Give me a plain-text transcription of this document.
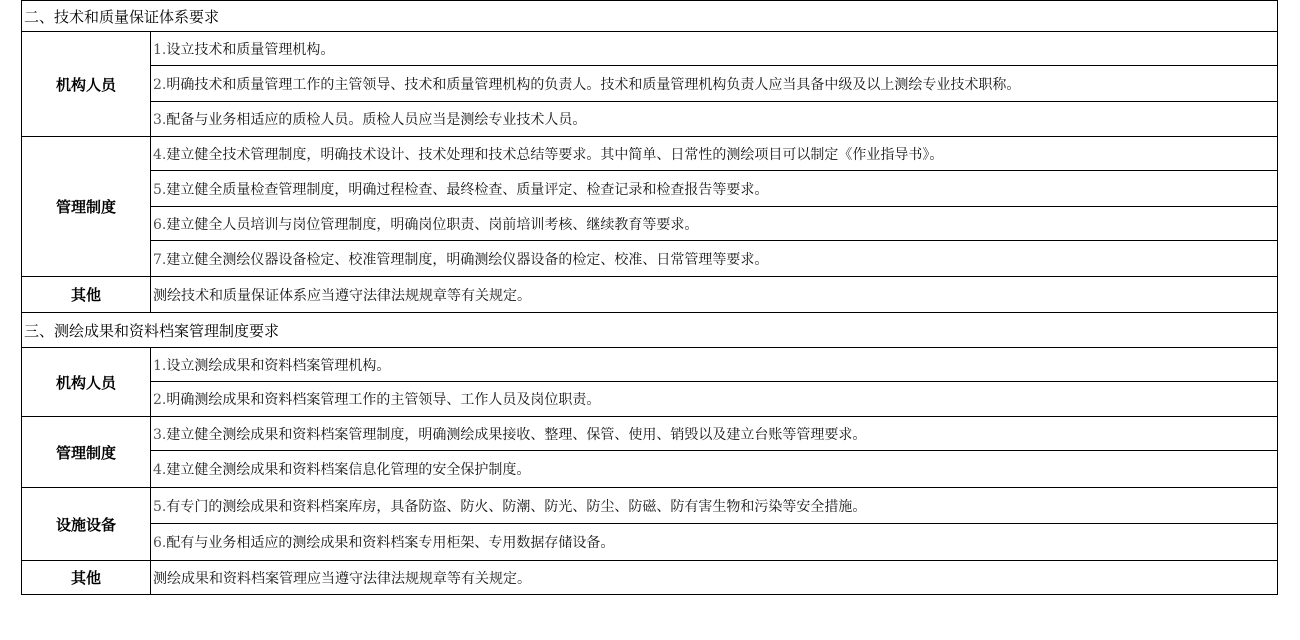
二、技术和质量保证体系要求	
机构人员	1.设立技术和质量管理机构。
	2.明确技术和质量管理工作的主管领导、技术和质量管理机构的负责人。技术和质量管理机构负责人应当具备中级及以上测绘专业技术职称。
	3.配备与业务相适应的质检人员。质检人员应当是测绘专业技术人员。
管理制度	4.建立健全技术管理制度，明确技术设计、技术处理和技术总结等要求。其中简单、日常性的测绘项目可以制定《作业指导书》。
	5.建立健全质量检查管理制度，明确过程检查、最终检查、质量评定、检查记录和检查报告等要求。
	6.建立健全人员培训与岗位管理制度，明确岗位职责、岗前培训考核、继续教育等要求。
	7.建立健全测绘仪器设备检定、校准管理制度，明确测绘仪器设备的检定、校准、日常管理等要求。
其他	测绘技术和质量保证体系应当遵守法律法规规章等有关规定。
三、测绘成果和资料档案管理制度要求	
机构人员	1.设立测绘成果和资料档案管理机构。
	2.明确测绘成果和资料档案管理工作的主管领导、工作人员及岗位职责。
管理制度	3.建立健全测绘成果和资料档案管理制度，明确测绘成果接收、整理、保管、使用、销毁以及建立台账等管理要求。
	4.建立健全测绘成果和资料档案信息化管理的安全保护制度。
设施设备	5.有专门的测绘成果和资料档案库房，具备防盗、防火、防潮、防光、防尘、防磁、防有害生物和污染等安全措施。
	6.配有与业务相适应的测绘成果和资料档案专用柜架、专用数据存储设备。
其他	测绘成果和资料档案管理应当遵守法律法规规章等有关规定。
